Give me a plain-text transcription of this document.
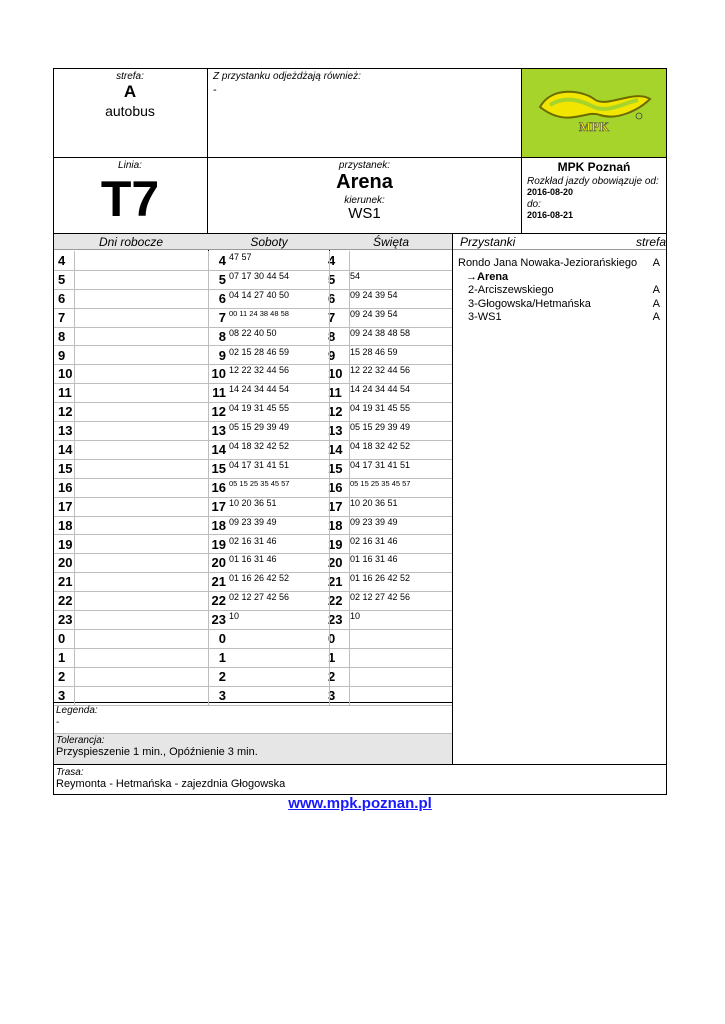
strefa:
A
autobus
Z przystanku odjeżdżają również:
-
MPK
Linia:
T7
przystanek:
Arena
kierunek:
WS1
MPK Poznań
Rozkład jazdy obowiązuje od:
2016-08-20
do:
2016-08-21
Dni robocze	Soboty	Święta	Przystanki	strefa
4	4 47 57	4
5	5 07 17 30 44 54	5	54
6	6 04 14 27 40 50	6	09 24 39 54
7	7 00 11 24 38 48 58	7	09 24 39 54
8	8 08 22 40 50	8	09 24 38 48 58
9	9 02 15 28 46 59	9	15 28 46 59
10	10 12 22 32 44 56	10 12 22 32 44 56
11	11 14 24 34 44 54	11 14 24 34 44 54
12	12 04 19 31 45 55	12 04 19 31 45 55
13	13 05 15 29 39 49	13 05 15 29 39 49
14	14 04 18 32 42 52	14 04 18 32 42 52
15	15 04 17 31 41 51	15 04 17 31 41 51
16	16 05 15 25 35 45 57	16	05 15 25 35 45 57
17	17 10 20 36 51	17 10 20 36 51
18	18 09 23 39 49	18 09 23 39 49
19	19 02 16 31 46	19 02 16 31 46
20	20 01 16 31 46	20 01 16 31 46
21	21 01 16 26 42 52	21 01 16 26 42 52
22	22 02 12 27 42 56	22 02 12 27 42 56
23	23 10	23 10
0	0	0
1	1	1
2	2	2
3	3	3
Rondo Jana Nowaka-Jeziorańskiego A
→Arena
2-Arciszewskiego	A
3-Głogowska/Hetmańska	A
3-WS1	A
Legenda:
-
Tolerancja:
Przyspieszenie 1 min., Opóźnienie 3 min.
Trasa:
Reymonta - Hetmańska - zajezdnia Głogowska
www.mpk.poznan.pl
